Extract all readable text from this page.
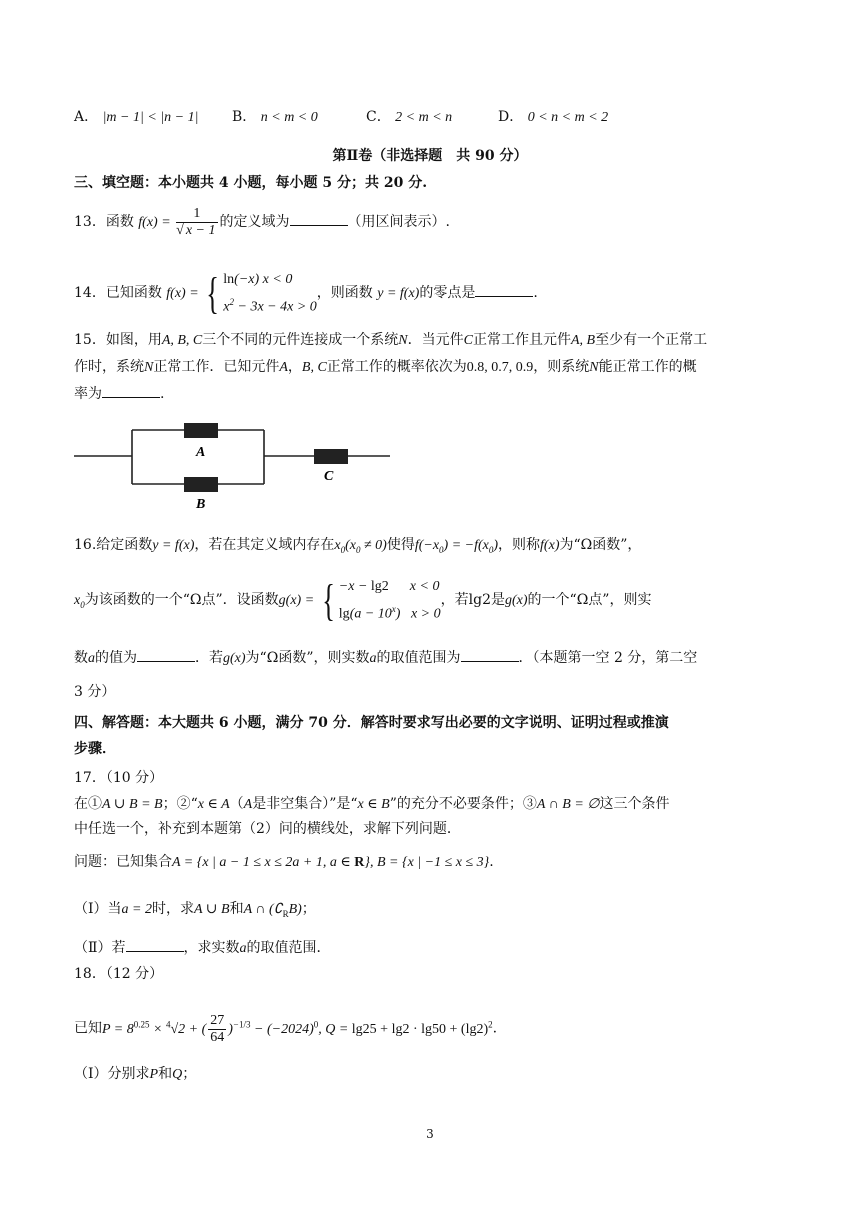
A． |m − 1| < |n − 1| B． n < m < 0	C． 2 < m < n	D． 0 < n < m < 2
第Ⅱ卷（非选择题　共 90 分）
三、填空题：本小题共 4 小题，每小题 5 分；共 20 分.
13．函数 $f(x) = \frac{1}{√ x - 1}$ 的定义域为	（用区间表示）.
14．已知函数 f(x) = { ln(−x) x < 0
$x^2 - 3x - 4x > 0$
，则函数 y = f(x)的零点是	.
15．如图，用A, B, C三个不同的元件连接成一个系统N．当元件C正常工作且元件A, B至少有一个正常工
作时，系统N正常工作．已知元件A，B, C正常工作的概率依次为0.8, 0.7, 0.9，则系统N能正常工作的概
率为	.
A
B
C
16.给定函数y = f(x)，若在其定义域内存在$x_0(x_0 \ne 0)$使得$f(-x_0) = -f(x_0)$，则称f(x)为“Ω函数”，
$x_0$为该函数的一个“Ω点”．设函数g(x) = { −x − lg2      x < 0
$\lg(a - 10^x)$   x > 0
，若lg2是g(x)的一个“Ω点”，则实
数a的值为	．若g(x)为“Ω函数”，则实数a的取值范围为	．（本题第一空 2 分，第二空
3 分）
四、解答题：本大题共 6 小题，满分 70 分．解答时要求写出必要的文字说明、证明过程或推演
步骤．
17．（10 分）
在①A ∪ B = B；②“x ∈ A（A是非空集合）”是“x ∈ B”的充分不必要条件；③A ∩ B = ∅这三个条件
中任选一个，补充到本题第（2）问的横线处，求解下列问题．
问题：已知集合A = {x | a − 1 ≤ x ≤ 2a + 1, a ∈ R}, B = {x | −1 ≤ x ≤ 3}.
（Ⅰ）当a = 2时，求A ∪ B和A ∩ $(∁_RB)$；
（Ⅱ）若	，求实数a的取值范围．
18．（12 分）
已知$P = 8^{0.25} \times ^4√2$ + ( $\frac{27}{64} )^{-1/3} - (-2024)^0$, $Q = \lg 25 + \lg 2 \cdot \lg 50 + (\lg 2)^2$.
（Ⅰ）分别求P和Q；
3
